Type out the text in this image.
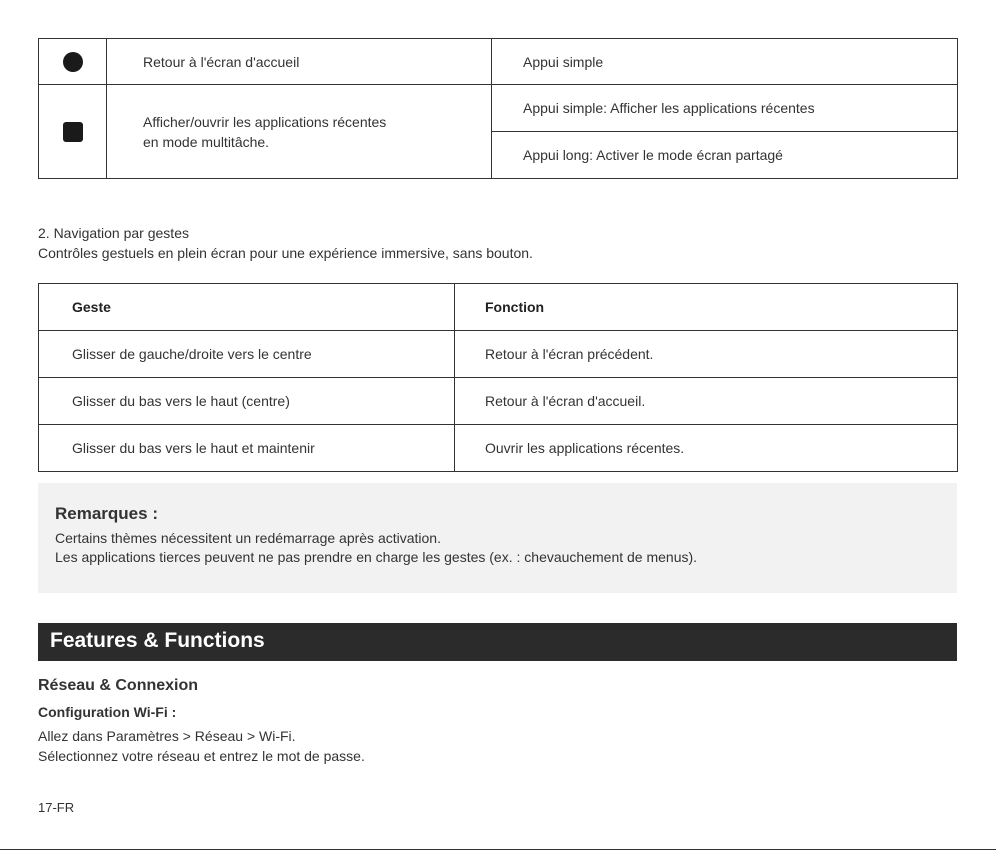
	Retour à l'écran d'accueil	Appui simple

	Afficher/ouvrir les applications récentes
en mode multitâche.	Appui simple: Afficher les applications récentes
		Appui long: Activer le mode écran partagé
2. Navigation par gestes
Contrôles gestuels en plein écran pour une expérience immersive, sans bouton.
Geste	Fonction
Glisser de gauche/droite vers le centre	Retour à l'écran précédent.
Glisser du bas vers le haut (centre)	Retour à l'écran d'accueil.
Glisser du bas vers le haut et maintenir	Ouvrir les applications récentes.
Remarques :
Certains thèmes nécessitent un redémarrage après activation.
Les applications tierces peuvent ne pas prendre en charge les gestes (ex. : chevauchement de menus).
Features & Functions
Réseau & Connexion
Configuration Wi-Fi :
Allez dans Paramètres > Réseau > Wi-Fi.
Sélectionnez votre réseau et entrez le mot de passe.
17-FR
